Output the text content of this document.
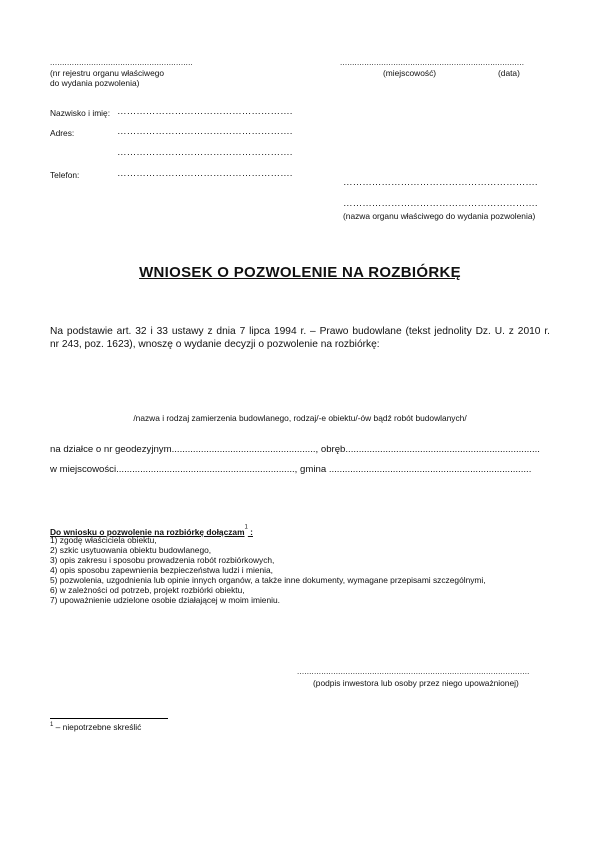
...........................................................
(nr rejestru organu właściwego
do wydania pozwolenia)
............................................................................
(miejscowość)	(data)
Nazwisko i imię: ……………………………………………….
Adres:	……………………………………………….
……………………………………………….
Telefon:	……………………………………………….
…………………………………………………….
…………………………………………………….
(nazwa organu właściwego do wydania pozwolenia)
WNIOSEK O POZWOLENIE NA ROZBIÓRKĘ
Na podstawie art. 32 i 33 ustawy z dnia 7 lipca 1994 r. – Prawo budowlane (tekst jednolity Dz. U. z 2010 r.
nr 243, poz. 1623), wnoszę o wydanie decyzji o pozwolenie na rozbiórkę:
/nazwa i rodzaj zamierzenia budowlanego, rodzaj/-e obiektu/-ów bądź robót budowlanych/
na działce o nr geodezyjnym......................................................, obręb.........................................................................
w miejscowości..................................................................., gmina ............................................................................
Do wniosku o pozwolenie na rozbiórkę dołączam$^1$ :
1) zgodę właściciela obiektu,
2) szkic usytuowania obiektu budowlanego,
3) opis zakresu i sposobu prowadzenia robót rozbiórkowych,
4) opis sposobu zapewnienia bezpieczeństwa ludzi i mienia,
5) pozwolenia, uzgodnienia lub opinie innych organów, a także inne dokumenty, wymagane przepisami szczególnymi,
6) w zależności od potrzeb, projekt rozbiórki obiektu,
7) upoważnienie udzielone osobie działającej w moim imieniu.
................................................................................................
(podpis inwestora lub osoby przez niego upoważnionej)
$^1$ – niepotrzebne skreślić
